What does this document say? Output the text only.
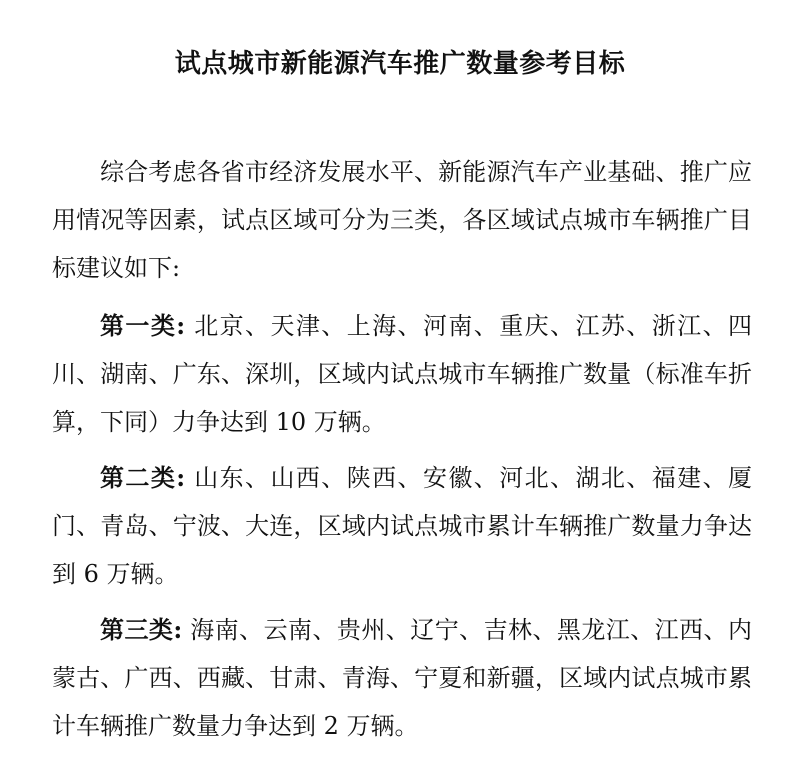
试点城市新能源汽车推广数量参考目标

综合考虑各省市经济发展水平、新能源汽车产业基础、推广应用情况等因素，试点区域可分为三类，各区域试点城市车辆推广目标建议如下:

第一类: 北京、天津、上海、河南、重庆、江苏、浙江、四川、湖南、广东、深圳，区域内试点城市车辆推广数量（标准车折算，下同）力争达到 10 万辆。

第二类: 山东、山西、陕西、安徽、河北、湖北、福建、厦门、青岛、宁波、大连，区域内试点城市累计车辆推广数量力争达到 6 万辆。

第三类: 海南、云南、贵州、辽宁、吉林、黑龙江、江西、内蒙古、广西、西藏、甘肃、青海、宁夏和新疆，区域内试点城市累计车辆推广数量力争达到 2 万辆。
